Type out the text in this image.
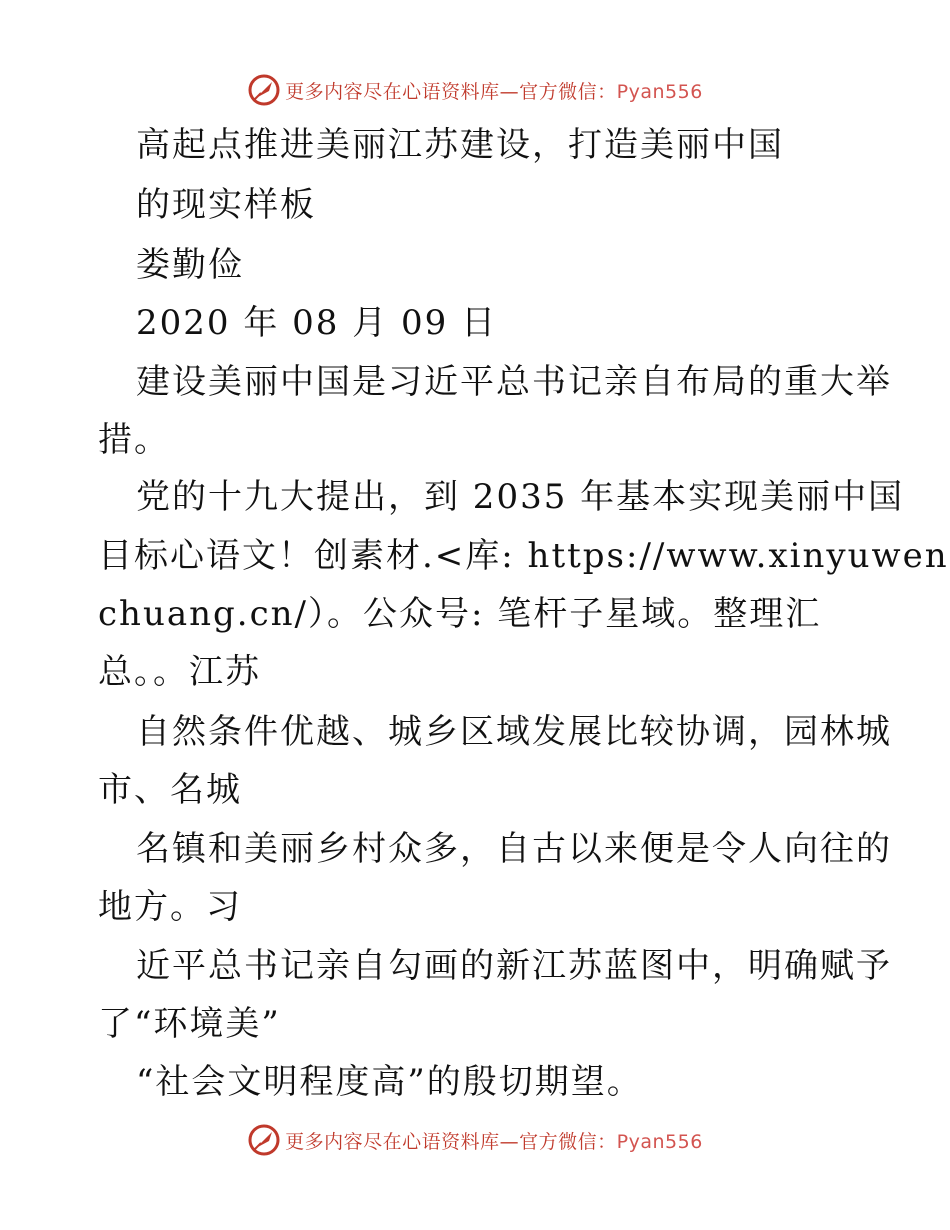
更多内容尽在心语资料库—官方微信：Pyan556
高起点推进美丽江苏建设，打造美丽中国
的现实样板
娄勤俭
2020 年 08 月 09 日
建设美丽中国是习近平总书记亲自布局的重大举
措。
党的十九大提出，到 2035 年基本实现美丽中国
目标心语文！创素材.<库: https://www.xinyuwen
chuang.cn/）。公众号: 笔杆子星域。整理汇
总。。江苏
自然条件优越、城乡区域发展比较协调，园林城
市、名城
名镇和美丽乡村众多，自古以来便是令人向往的
地方。习
近平总书记亲自勾画的新江苏蓝图中，明确赋予
了“环境美”
“社会文明程度高”的殷切期望。
更多内容尽在心语资料库—官方微信：Pyan556
